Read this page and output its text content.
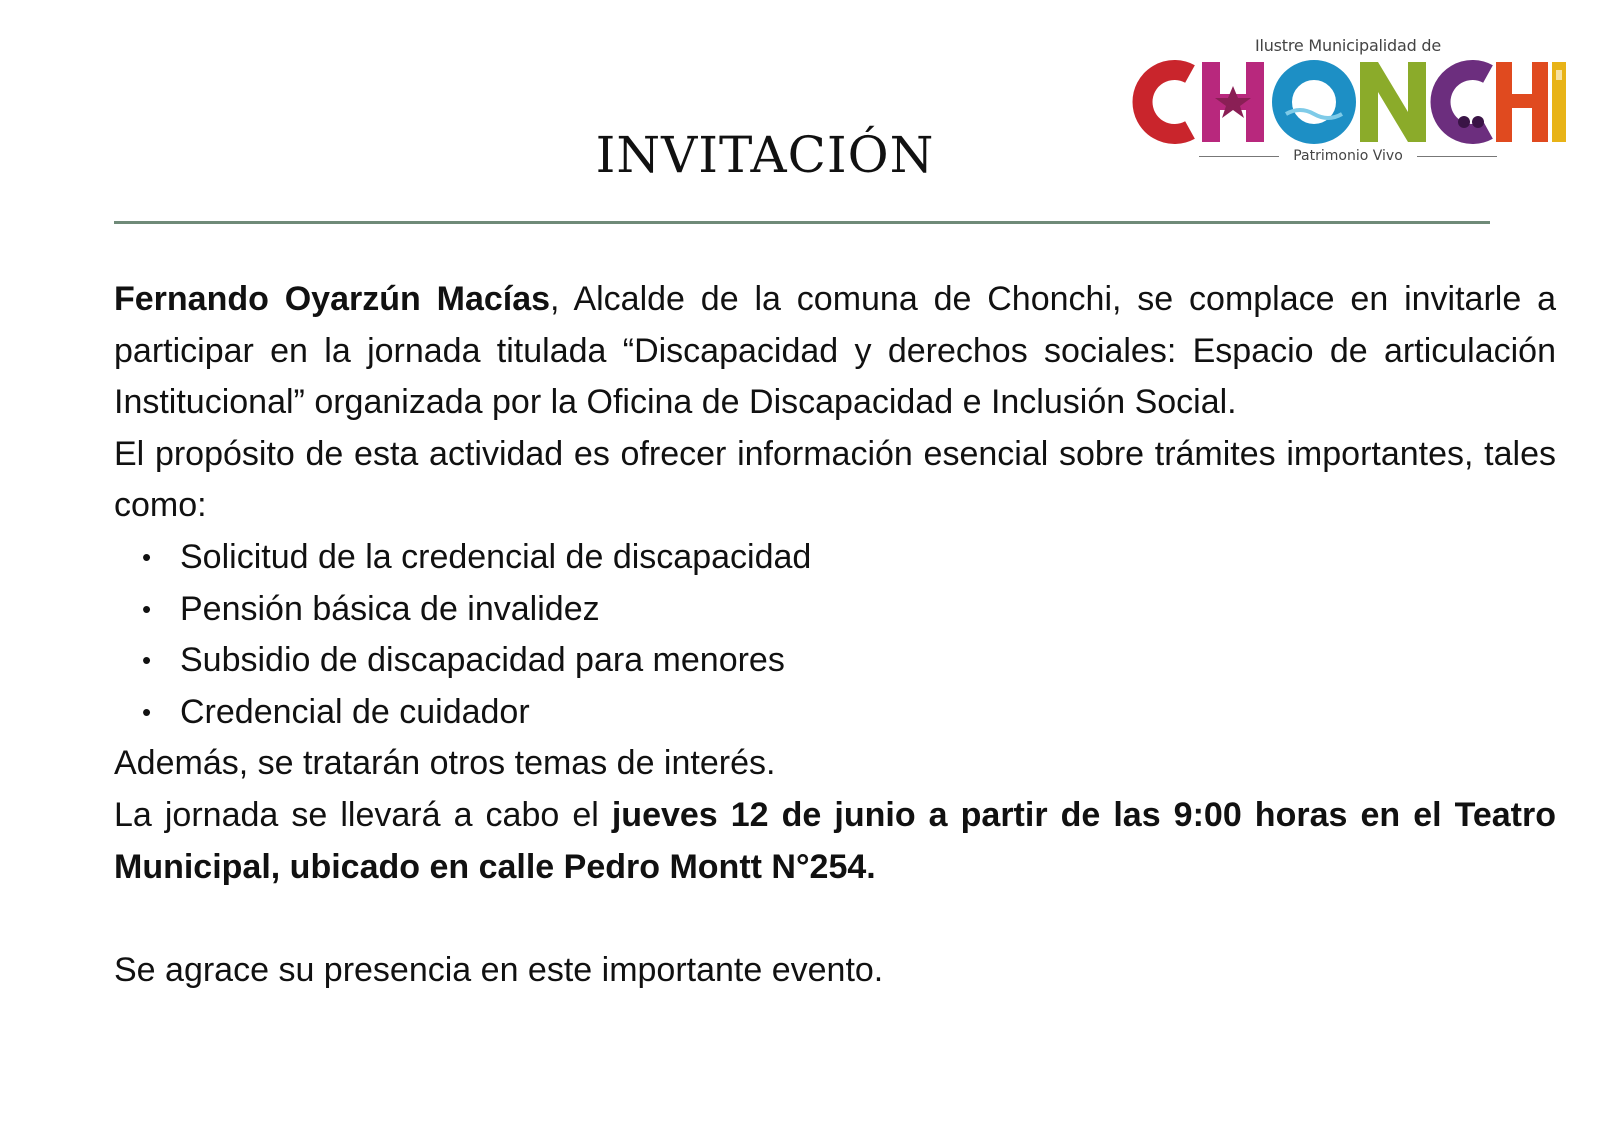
Ilustre Municipalidad de
Patrimonio Vivo
INVITACIÓN

Fernando Oyarzún Macías, Alcalde de la comuna de Chonchi, se complace en invitarle a participar en la jornada titulada “Discapacidad y derechos sociales: Espacio de articulación Institucional” organizada por la Oficina de Discapacidad e Inclusión Social.

El propósito de esta actividad es ofrecer información esencial sobre trámites importantes, tales como:

• Solicitud de la credencial de discapacidad
• Pensión básica de invalidez
• Subsidio de discapacidad para menores
• Credencial de cuidador

Además, se tratarán otros temas de interés.

La jornada se llevará a cabo el jueves 12 de junio a partir de las 9:00 horas en el Teatro Municipal, ubicado en calle Pedro Montt N°254.

Se agrace su presencia en este importante evento.
